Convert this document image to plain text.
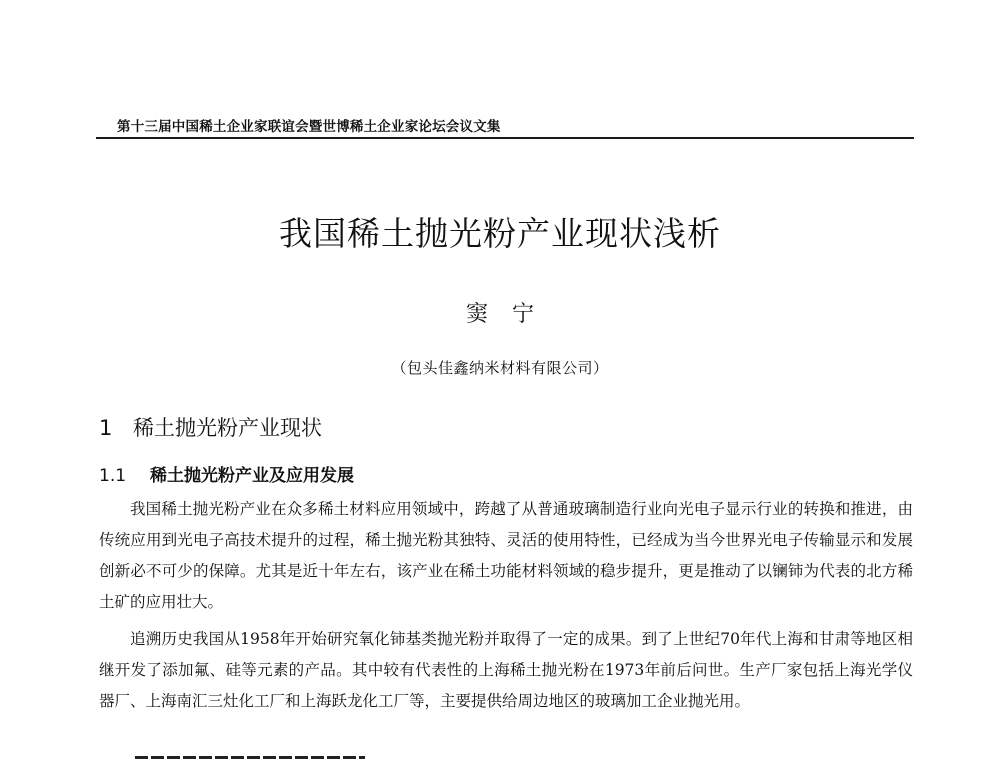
第十三届中国稀土企业家联谊会暨世博稀土企业家论坛会议文集
我国稀土抛光粉产业现状浅析
窦宁
（包头佳鑫纳米材料有限公司）
1 稀土抛光粉产业现状
1.1 稀土抛光粉产业及应用发展

我国稀土抛光粉产业在众多稀土材料应用领域中，跨越了从普通玻璃制造行业向光电子显示行业的转换和推进，由传统应用到光电子高技术提升的过程，稀土抛光粉其独特、灵活的使用特性，已经成为当今世界光电子传输显示和发展创新必不可少的保障。尤其是近十年左右，该产业在稀土功能材料领域的稳步提升，更是推动了以镧铈为代表的北方稀土矿的应用壮大。

追溯历史我国从1958年开始研究氧化铈基类抛光粉并取得了一定的成果。到了上世纪70年代上海和甘肃等地区相继开发了添加氟、硅等元素的产品。其中较有代表性的上海稀土抛光粉在1973年前后问世。生产厂家包括上海光学仪器厂、上海南汇三灶化工厂和上海跃龙化工厂等，主要提供给周边地区的玻璃加工企业抛光用。
